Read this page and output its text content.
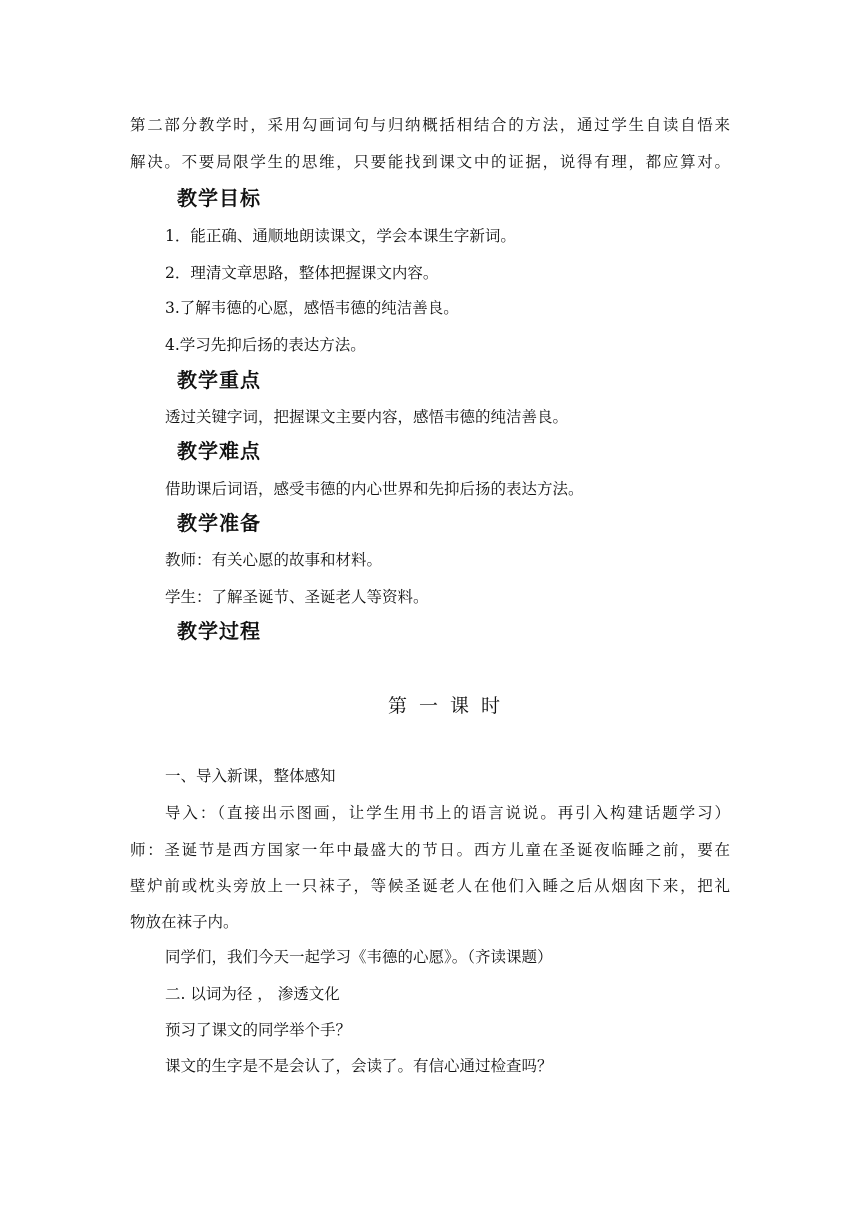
第二部分教学时，采用勾画词句与归纳概括相结合的方法，通过学生自读自悟来
解决。不要局限学生的思维，只要能找到课文中的证据，说得有理，都应算对。
教学目标
1．能正确、通顺地朗读课文，学会本课生字新词。
2．理清文章思路，整体把握课文内容。
3.了解韦德的心愿，感悟韦德的纯洁善良。
4.学习先抑后扬的表达方法。
教学重点
透过关键字词，把握课文主要内容，感悟韦德的纯洁善良。
教学难点
借助课后词语，感受韦德的内心世界和先抑后扬的表达方法。
教学准备
教师：有关心愿的故事和材料。
学生：了解圣诞节、圣诞老人等资料。
教学过程
第一课时
一、导入新课，整体感知
导入：（直接出示图画，让学生用书上的语言说说。再引入构建话题学习）
师：圣诞节是西方国家一年中最盛大的节日。西方儿童在圣诞夜临睡之前，要在
壁炉前或枕头旁放上一只袜子，等候圣诞老人在他们入睡之后从烟囱下来，把礼
物放在袜子内。
同学们，我们今天一起学习《韦德的心愿》。（齐读课题）
二. 以词为径 ， 渗透文化
预习了课文的同学举个手？
课文的生字是不是会认了，会读了。有信心通过检查吗？
